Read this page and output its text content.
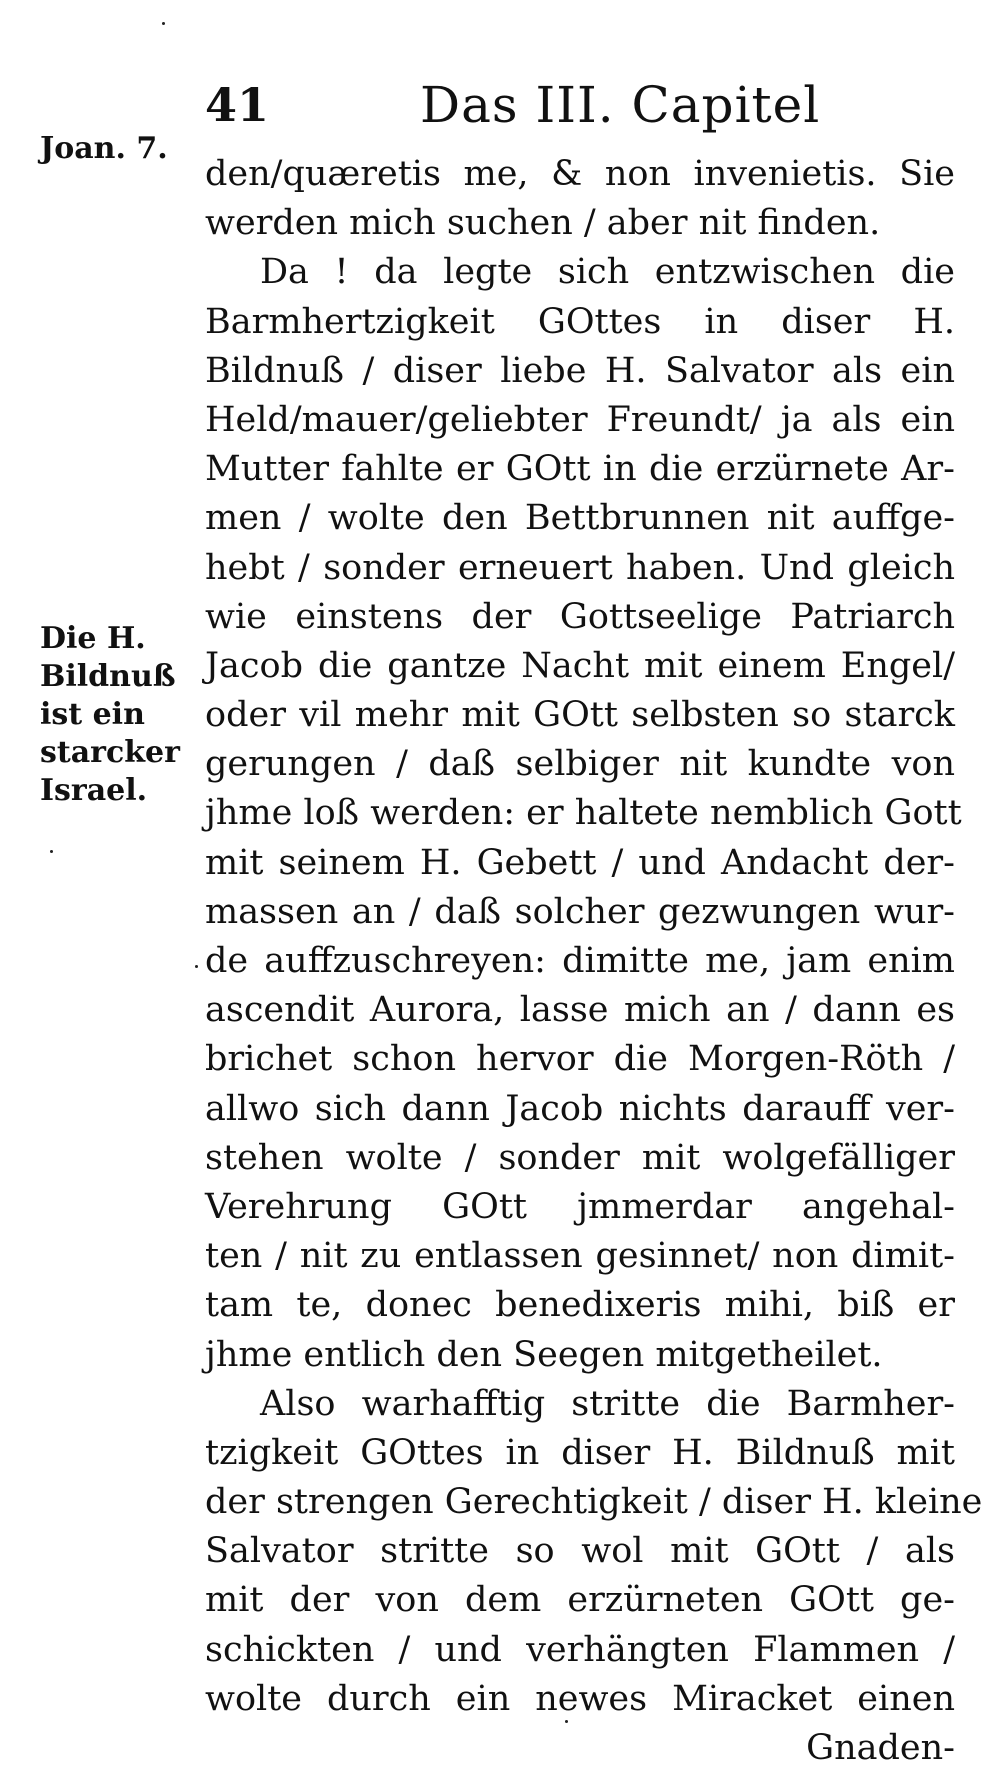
41	Das III. Capitel
Joan. 7.
Die H.
Bildnuß
ist ein
starcker
Israel.
den/quæretis me, & non invenietis. Sie
werden mich suchen / aber nit finden.
Da ! da legte sich entzwischen die
Barmhertzigkeit GOttes in diser H.
Bildnuß / diser liebe H. Salvator als ein
Held/mauer/geliebter Freundt/ ja als ein
Mutter fahlte er GOtt in die erzürnete Ar-
men / wolte den Bettbrunnen nit auffge-
hebt / sonder erneuert haben. Und gleich
wie einstens der Gottseelige Patriarch
Jacob die gantze Nacht mit einem Engel/
oder vil mehr mit GOtt selbsten so starck
gerungen / daß selbiger nit kundte von
jhme loß werden: er haltete nemblich Gott
mit seinem H. Gebett / und Andacht der-
massen an / daß solcher gezwungen wur-
de auffzuschreyen: dimitte me, jam enim
ascendit Aurora, lasse mich an / dann es
brichet schon hervor die Morgen-Röth /
allwo sich dann Jacob nichts darauff ver-
stehen wolte / sonder mit wolgefälliger
Verehrung GOtt jmmerdar angehal-
ten / nit zu entlassen gesinnet/ non dimit-
tam te, donec benedixeris mihi, biß er
jhme entlich den Seegen mitgetheilet.
Also warhafftig stritte die Barmher-
tzigkeit GOttes in diser H. Bildnuß mit
der strengen Gerechtigkeit / diser H. kleine
Salvator stritte so wol mit GOtt / als
mit der von dem erzürneten GOtt ge-
schickten / und verhängten Flammen /
wolte durch ein newes Miracket einen
Gnaden-
